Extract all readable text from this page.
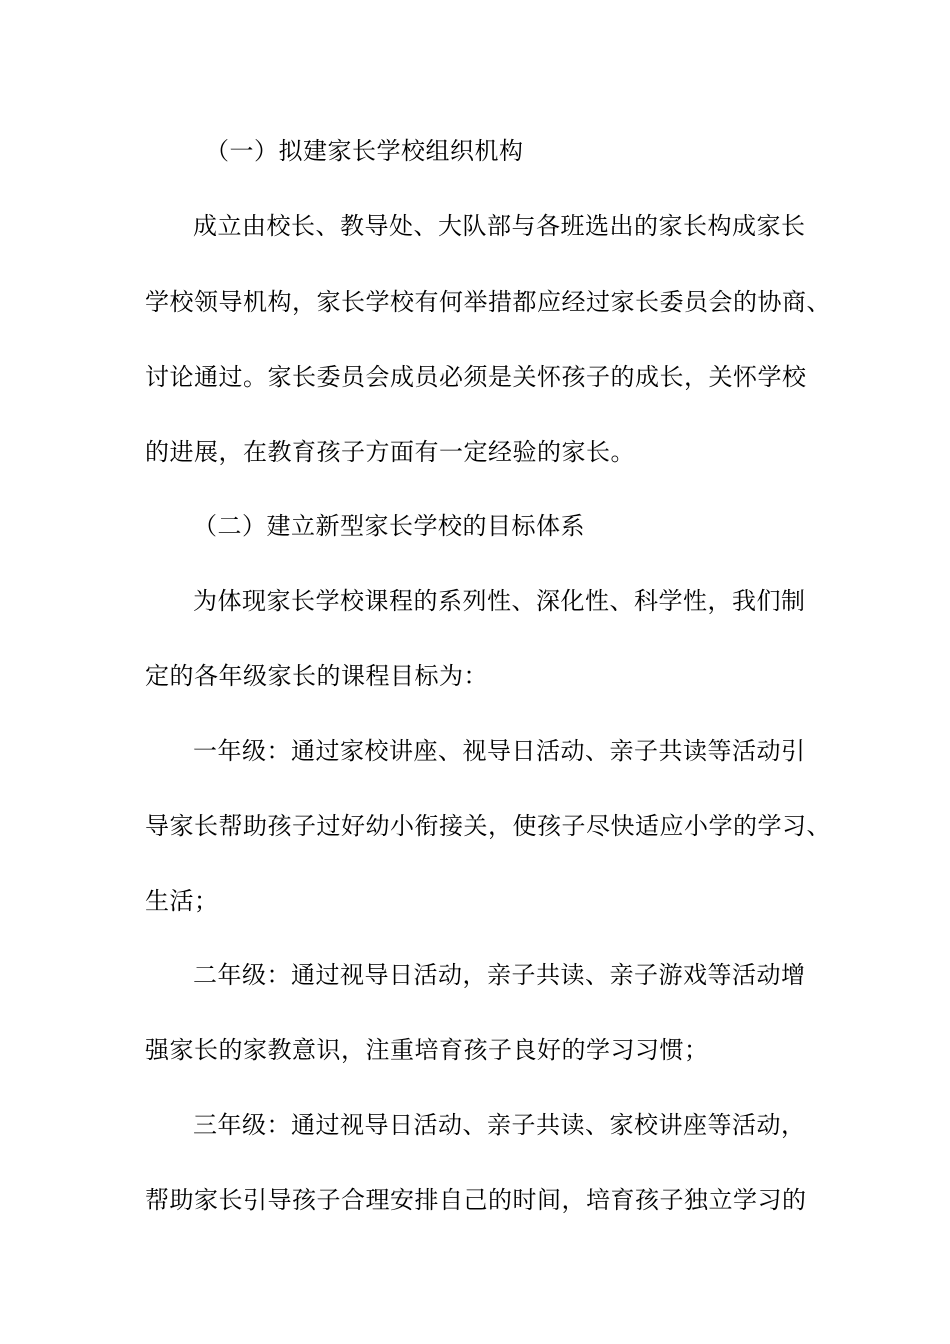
（一）拟建家长学校组织机构
成立由校长、教导处、大队部与各班选出的家长构成家长
学校领导机构，家长学校有何举措都应经过家长委员会的协商、
讨论通过。家长委员会成员必须是关怀孩子的成长，关怀学校
的进展，在教育孩子方面有一定经验的家长。
（二）建立新型家长学校的目标体系
为体现家长学校课程的系列性、深化性、科学性，我们制
定的各年级家长的课程目标为：
一年级：通过家校讲座、视导日活动、亲子共读等活动引
导家长帮助孩子过好幼小衔接关，使孩子尽快适应小学的学习、
生活；
二年级：通过视导日活动，亲子共读、亲子游戏等活动增
强家长的家教意识，注重培育孩子良好的学习习惯；
三年级：通过视导日活动、亲子共读、家校讲座等活动，
帮助家长引导孩子合理安排自己的时间，培育孩子独立学习的
